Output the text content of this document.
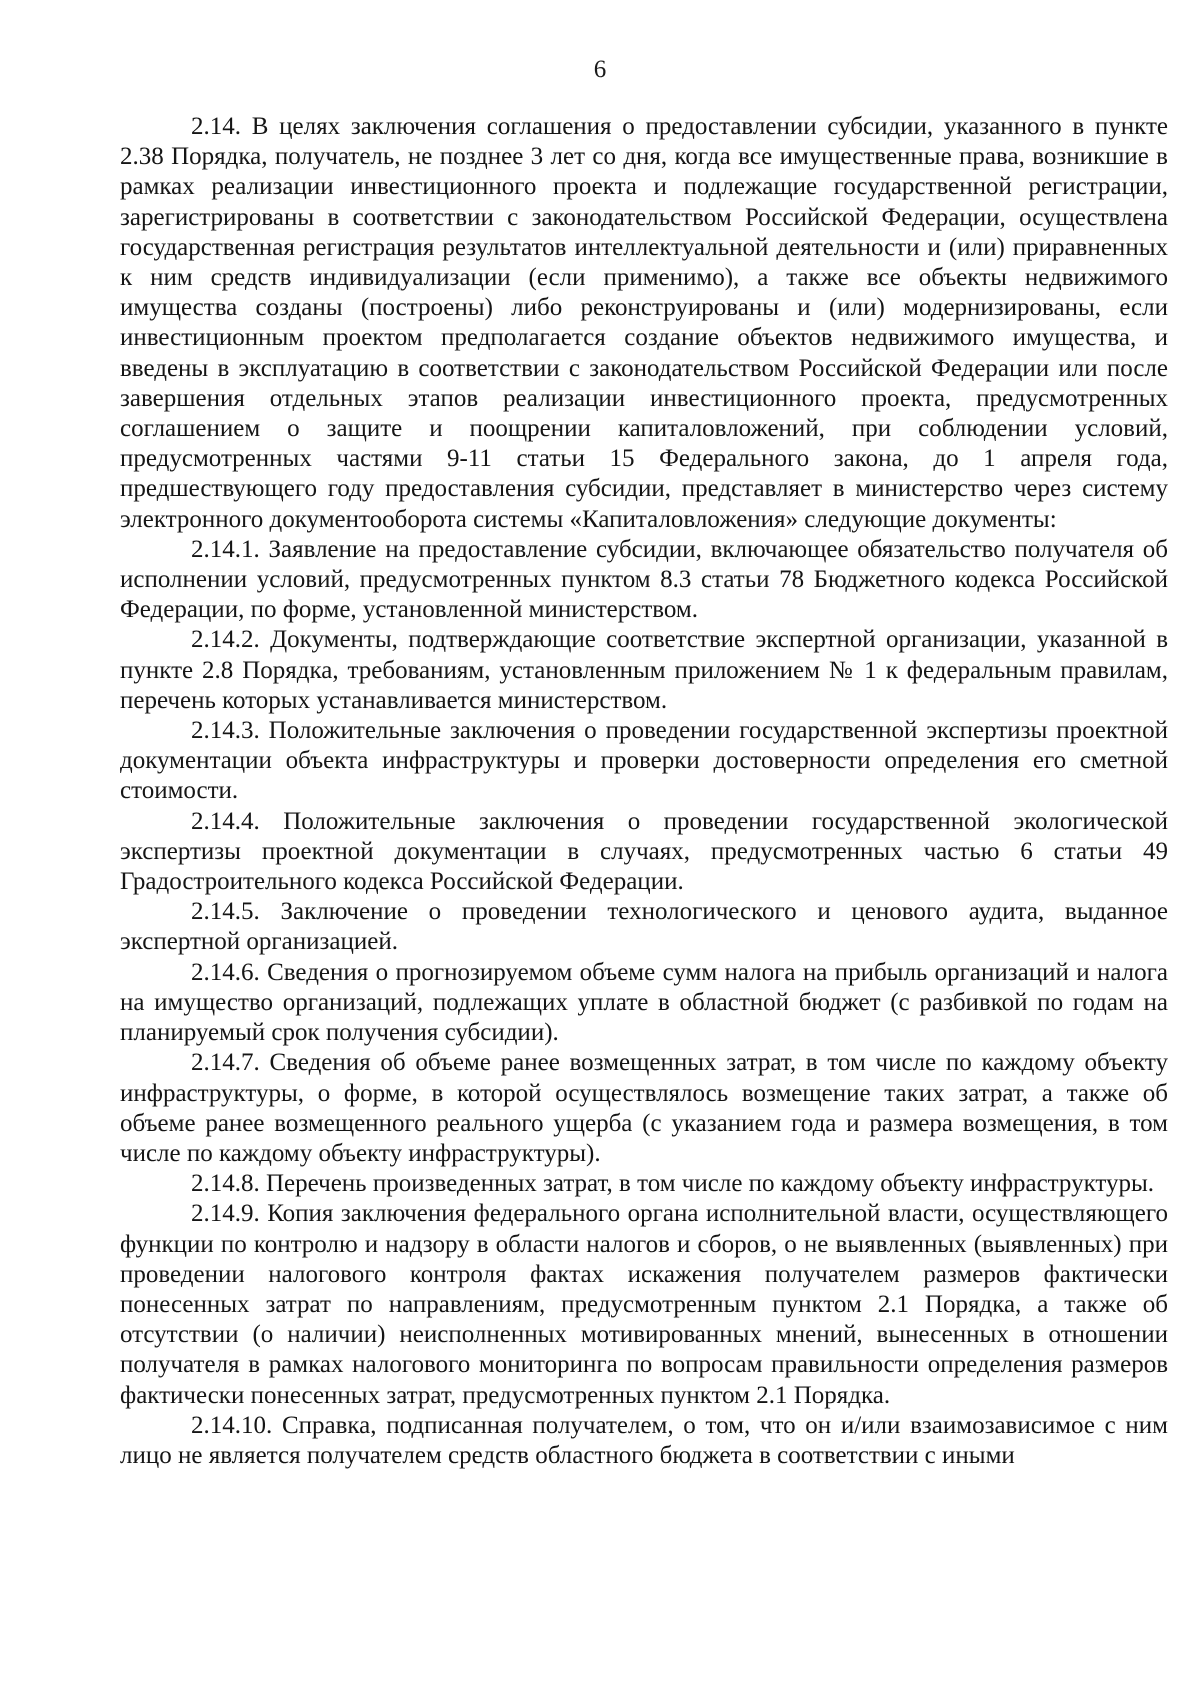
6

2.14. В целях заключения соглашения о предоставлении субсидии, указанного в пункте 2.38 Порядка, получатель, не позднее 3 лет со дня, когда все имущественные права, возникшие в рамках реализации инвестиционного проекта и подлежащие государственной регистрации, зарегистрированы в соответствии с законодательством Российской Федерации, осуществлена государственная регистрация результатов интеллектуальной деятельности и (или) приравненных к ним средств индивидуализации (если применимо), а также все объекты недвижимого имущества созданы (построены) либо реконструированы и (или) модернизированы, если инвестиционным проектом предполагается создание объектов недвижимого имущества, и введены в эксплуатацию в соответствии с законодательством Российской Федерации или после завершения отдельных этапов реализации инвестиционного проекта, предусмотренных соглашением о защите и поощрении капиталовложений, при соблюдении условий, предусмотренных частями 9-11 статьи 15 Федерального закона, до 1 апреля года, предшествующего году предоставления субсидии, представляет в министерство через систему электронного документооборота системы «Капиталовложения» следующие документы:

2.14.1. Заявление на предоставление субсидии, включающее обязательство получателя об исполнении условий, предусмотренных пунктом 8.3 статьи 78 Бюджетного кодекса Российской Федерации, по форме, установленной министерством.

2.14.2. Документы, подтверждающие соответствие экспертной организации, указанной в пункте 2.8 Порядка, требованиям, установленным приложением № 1 к федеральным правилам, перечень которых устанавливается министерством.

2.14.3. Положительные заключения о проведении государственной экспертизы проектной документации объекта инфраструктуры и проверки достоверности определения его сметной стоимости.

2.14.4. Положительные заключения о проведении государственной экологической экспертизы проектной документации в случаях, предусмотренных частью 6 статьи 49 Градостроительного кодекса Российской Федерации.

2.14.5. Заключение о проведении технологического и ценового аудита, выданное экспертной организацией.

2.14.6. Сведения о прогнозируемом объеме сумм налога на прибыль организаций и налога на имущество организаций, подлежащих уплате в областной бюджет (с разбивкой по годам на планируемый срок получения субсидии).

2.14.7. Сведения об объеме ранее возмещенных затрат, в том числе по каждому объекту инфраструктуры, о форме, в которой осуществлялось возмещение таких затрат, а также об объеме ранее возмещенного реального ущерба (с указанием года и размера возмещения, в том числе по каждому объекту инфраструктуры).

2.14.8. Перечень произведенных затрат, в том числе по каждому объекту инфраструктуры.

2.14.9. Копия заключения федерального органа исполнительной власти, осуществляющего функции по контролю и надзору в области налогов и сборов, о не выявленных (выявленных) при проведении налогового контроля фактах искажения получателем размеров фактически понесенных затрат по направлениям, предусмотренным пунктом 2.1 Порядка, а также об отсутствии (о наличии) неисполненных мотивированных мнений, вынесенных в отношении получателя в рамках налогового мониторинга по вопросам правильности определения размеров фактически понесенных затрат, предусмотренных пунктом 2.1 Порядка.

2.14.10. Справка, подписанная получателем, о том, что он и/или взаимозависимое с ним лицо не является получателем средств областного бюджета в соответствии с иными
